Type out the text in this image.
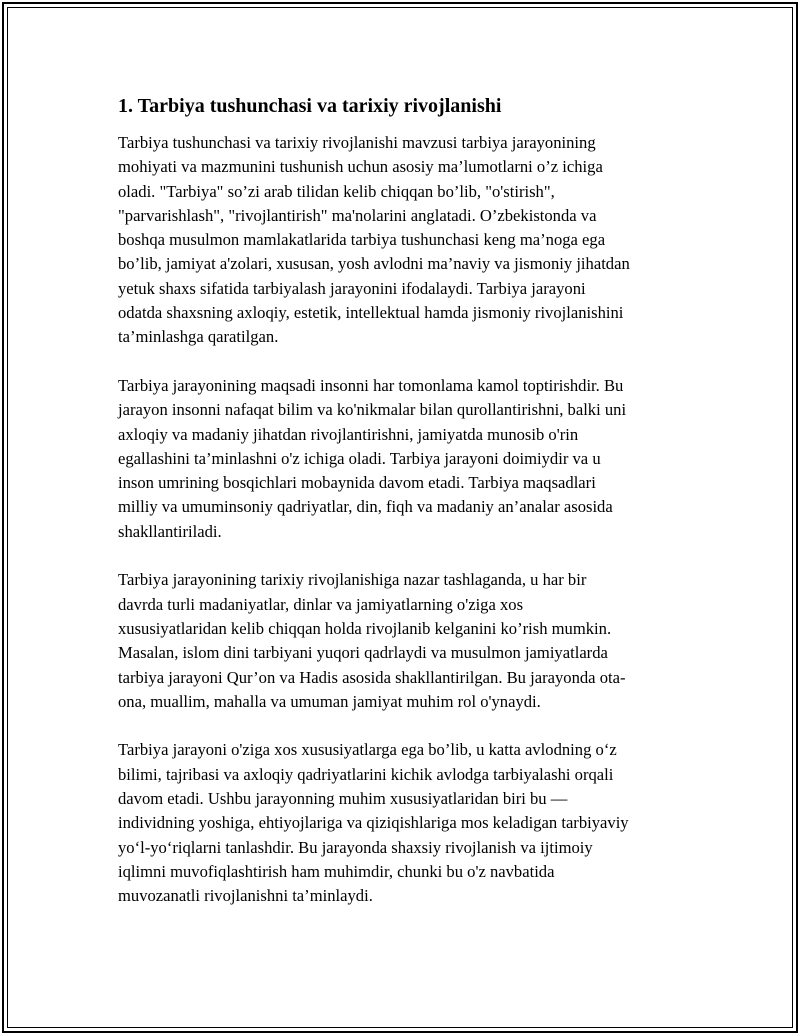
1. Tarbiya tushunchasi va tarixiy rivojlanishi

Tarbiya tushunchasi va tarixiy rivojlanishi mavzusi tarbiya jarayonining
mohiyati va mazmunini tushunish uchun asosiy ma’lumotlarni o’z ichiga
oladi. "Tarbiya" so’zi arab tilidan kelib chiqqan bo’lib, "o'stirish",
"parvarishlash", "rivojlantirish" ma'nolarini anglatadi. O’zbekistonda va
boshqa musulmon mamlakatlarida tarbiya tushunchasi keng ma’noga ega
bo’lib, jamiyat a'zolari, xususan, yosh avlodni ma’naviy va jismoniy jihatdan
yetuk shaxs sifatida tarbiyalash jarayonini ifodalaydi. Tarbiya jarayoni
odatda shaxsning axloqiy, estetik, intellektual hamda jismoniy rivojlanishini
ta’minlashga qaratilgan.

Tarbiya jarayonining maqsadi insonni har tomonlama kamol toptirishdir. Bu
jarayon insonni nafaqat bilim va ko'nikmalar bilan qurollantirishni, balki uni
axloqiy va madaniy jihatdan rivojlantirishni, jamiyatda munosib o'rin
egallashini ta’minlashni o'z ichiga oladi. Tarbiya jarayoni doimiydir va u
inson umrining bosqichlari mobaynida davom etadi. Tarbiya maqsadlari
milliy va umuminsoniy qadriyatlar, din, fiqh va madaniy an’analar asosida
shakllantiriladi.

Tarbiya jarayonining tarixiy rivojlanishiga nazar tashlaganda, u har bir
davrda turli madaniyatlar, dinlar va jamiyatlarning o'ziga xos
xususiyatlaridan kelib chiqqan holda rivojlanib kelganini ko’rish mumkin.
Masalan, islom dini tarbiyani yuqori qadrlaydi va musulmon jamiyatlarda
tarbiya jarayoni Qur’on va Hadis asosida shakllantirilgan. Bu jarayonda ota-
ona, muallim, mahalla va umuman jamiyat muhim rol o'ynaydi.

Tarbiya jarayoni o'ziga xos xususiyatlarga ega bo’lib, u katta avlodning o‘z
bilimi, tajribasi va axloqiy qadriyatlarini kichik avlodga tarbiyalashi orqali
davom etadi. Ushbu jarayonning muhim xususiyatlaridan biri bu —
individning yoshiga, ehtiyojlariga va qiziqishlariga mos keladigan tarbiyaviy
yo‘l-yo‘riqlarni tanlashdir. Bu jarayonda shaxsiy rivojlanish va ijtimoiy
iqlimni muvofiqlashtirish ham muhimdir, chunki bu o'z navbatida
muvozanatli rivojlanishni ta’minlaydi.
